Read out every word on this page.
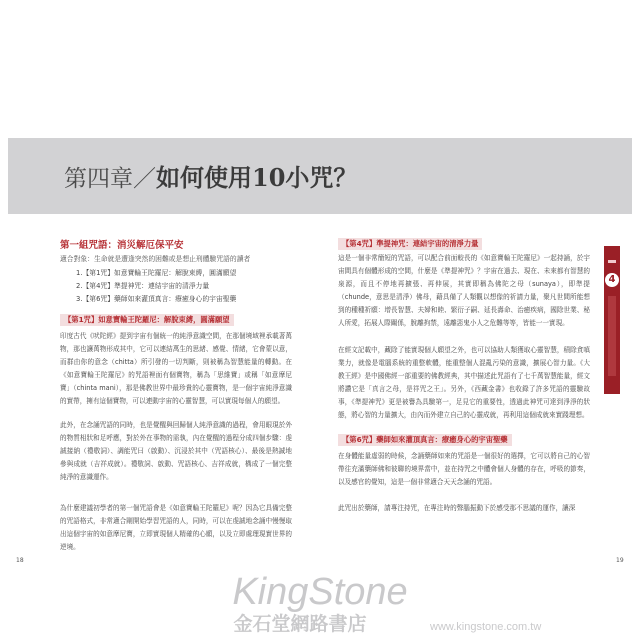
第四章／如何使用10小咒？
第一組咒語：消災解厄保平安
適合對象：生命就是遭逢突然的困難或是想止刑體驗咒語的讀者
1.【第1咒】如意寶輪王陀羅尼：解脫束縛，圓滿願望
2.【第4咒】準提神咒：連結宇宙的清淨力量
3.【第6咒】藥師如來灌頂真言：療癒身心的宇宙聖藥
【第1咒】如意寶輪王陀羅尼：解脫束縛，圓滿願望

印度古代《吠陀經》提到宇宙有個統一的純淨意識空間，在那個境域裡承載著萬物，那也讓萬物形成其中，它可以連結萬生的思緒、感覺、情緒，它會蒙以意，而群由你的意念（chitta）所引發的一切判斷，則被稱為智慧能量的轉動。在《如意寶輪王陀羅尼》的咒語裡面有個寶物，稱為「思維寶」或稱「如意摩尼寶」（chinta mani），那是佛教世界中最珍貴的心靈寶物，是一個宇宙純淨意識的實帶，擁有這個寶物，可以連動宇宙的心靈智慧，可以實現每個人的願望。

此外，在念誦咒語的同時，也是覺醒與回歸個人純淨意識的過程，會用眼現於外的物質相狀和足呼應，對於外在事物的需執，內在覺醒的過程分成四個步驟：虔誠接納（禮敬詞）、調能咒曰（啟動）、沉浸於其中（咒語核心）、最後是熱誠地參與成就（吉祥成就）。禮敬詞、啟動、咒語核心、吉祥成就，構成了一個完整純淨的意識運作。

為什麼建議初學者的第一個咒語會是《如意寶輪王陀羅尼》呢？因為它具備完整的咒語格式，非常適合剛開始學習咒語的人，同時，可以在虔誠地念誦中慢慢取出這個宇宙的如意摩尼寶，立即實現個人精確的心願，以及立即處理現實世界的逆境。

18
【第4咒】準提神咒：連結宇宙的清淨力量

這是一個非常簡短的咒語，可以配合前面較長的《如意寶輪王陀羅尼》一起持誦，於宇宙間具有個體形成的空間，什麼是《準提神咒》？宇宙在過去、現在、未來都有智慧的泉源，而且不停地再擴張、再伸展，其實即稱為佛陀之母（sunaya），即準提（chunde，意思是清淨）佛母，藉具備了人類觀以想像的祈請力量，聚凡世間所能想到的種種祈願：增長智慧、夫婦和睦、繁衍子嗣、延長壽命、治癒疾病，國除世業、秘人所愛，拓展人際關係，脫離拘禁，遠離惡鬼小人之危難等等，皆能一一實現。

在經文記載中，藏除了能實現個人願望之外，也可以協助人類獲取心靈智慧，積除貪嗔業力，就像是電腦系統的重整軟體，能重整個人混亂污染的意識，擴展心智力量。《大教王經》是中國佛經一部重要的佛教經典，其中描述此咒語有了七千萬智慧能量，經文將讚它是「真言之母，是祥咒之王」。另外，《西藏金書》也收錄了許多咒語的靈驗故事，《準提神咒》更是被譽為具驗第一，足見它的重要性，透過此神咒可達到淨淨的狀態，將心智的力量擴大，由內而外建立自己的心靈成就，再利用這個成就來實踐理想。

【第6咒】藥師如來灌頂真言：療癒身心的宇宙聖藥

在身體能量虛弱的時候，念誦藥師如來的咒語是一個很好的選擇，它可以將自己的心智帶往充滿藥師佛和彼聯的境界當中，並在持咒之中體會個人身體的存在，呼吸的節奏，以及感官的覺知，這是一個非常適合天天念誦的咒語。

此咒出於藥師，請專注持咒，在專注時的聲腦振動下於感受那不思議的運作，讓深

19
4
KingStone
金石堂網路書店	www.kingstone.com.tw
